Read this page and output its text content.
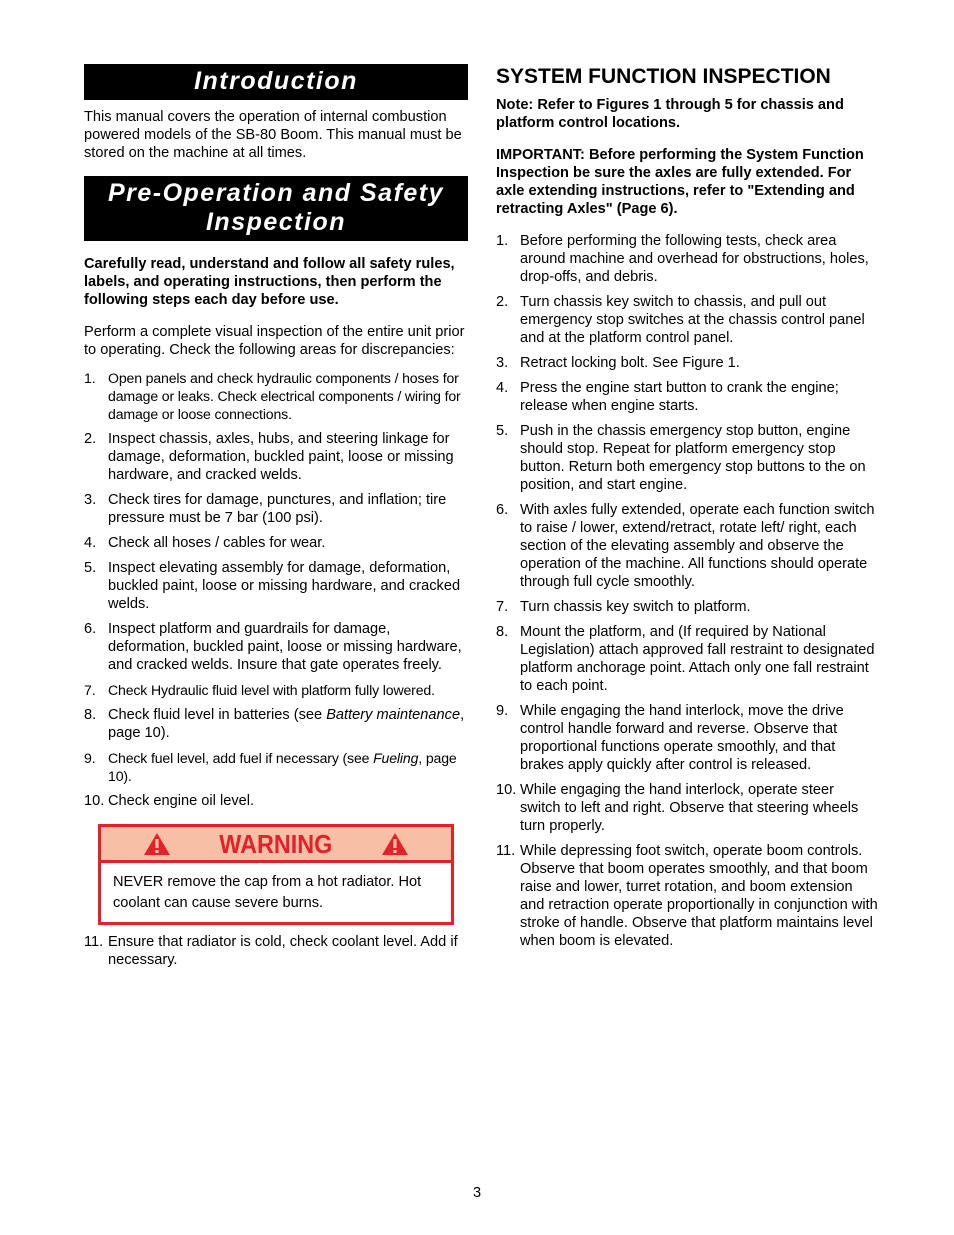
Introduction

This manual covers the operation of internal combustion powered models of the SB-80 Boom. This manual must be stored on the machine at all times.

Pre-Operation and Safety
Inspection

Carefully read, understand and follow all safety rules, labels, and operating instructions, then perform the following steps each day before use.

Perform a complete visual inspection of the entire unit prior to operating. Check the following areas for discrepancies:

1. Open panels and check hydraulic components / hoses for damage or leaks. Check electrical components / wiring for damage or loose connections.
2. Inspect chassis, axles, hubs, and steering linkage for damage, deformation, buckled paint, loose or missing hardware, and cracked welds.
3. Check tires for damage, punctures, and inflation; tire pressure must be 7 bar (100 psi).
4. Check all hoses / cables for wear.
5. Inspect elevating assembly for damage, deformation, buckled paint, loose or missing hardware, and cracked welds.
6. Inspect platform and guardrails for damage, deformation, buckled paint, loose or missing hardware, and cracked welds. Insure that gate operates freely.
7. Check Hydraulic fluid level with platform fully lowered.
8. Check fluid level in batteries (see Battery maintenance, page 10).
9. Check fuel level, add fuel if necessary (see Fueling, page 10).
10. Check engine oil level.
WARNING
NEVER remove the cap from a hot radiator. Hot coolant can cause severe burns.
11. Ensure that radiator is cold, check coolant level. Add if necessary.
SYSTEM FUNCTION INSPECTION

Note: Refer to Figures 1 through 5 for chassis and platform control locations.

IMPORTANT: Before performing the System Function Inspection be sure the axles are fully extended. For axle extending instructions, refer to "Extending and retracting Axles" (Page 6).

1. Before performing the following tests, check area around machine and overhead for obstructions, holes, drop-offs, and debris.
2. Turn chassis key switch to chassis, and pull out emergency stop switches at the chassis control panel and at the platform control panel.
3. Retract locking bolt. See Figure 1.
4. Press the engine start button to crank the engine; release when engine starts.
5. Push in the chassis emergency stop button, engine should stop. Repeat for platform emergency stop button. Return both emergency stop buttons to the on position, and start engine.
6. With axles fully extended, operate each function switch to raise / lower, extend/retract, rotate left/ right, each section of the elevating assembly and observe the operation of the machine. All functions should operate through full cycle smoothly.
7. Turn chassis key switch to platform.
8. Mount the platform, and (If required by National Legislation) attach approved fall restraint to designated platform anchorage point. Attach only one fall restraint to each point.
9. While engaging the hand interlock, move the drive control handle forward and reverse. Observe that proportional functions operate smoothly, and that brakes apply quickly after control is released.
10. While engaging the hand interlock, operate steer switch to left and right. Observe that steering wheels turn properly.
11. While depressing foot switch, operate boom controls. Observe that boom operates smoothly, and that boom raise and lower, turret rotation, and boom extension and retraction operate proportionally in conjunction with stroke of handle. Observe that platform maintains level when boom is elevated.
3
